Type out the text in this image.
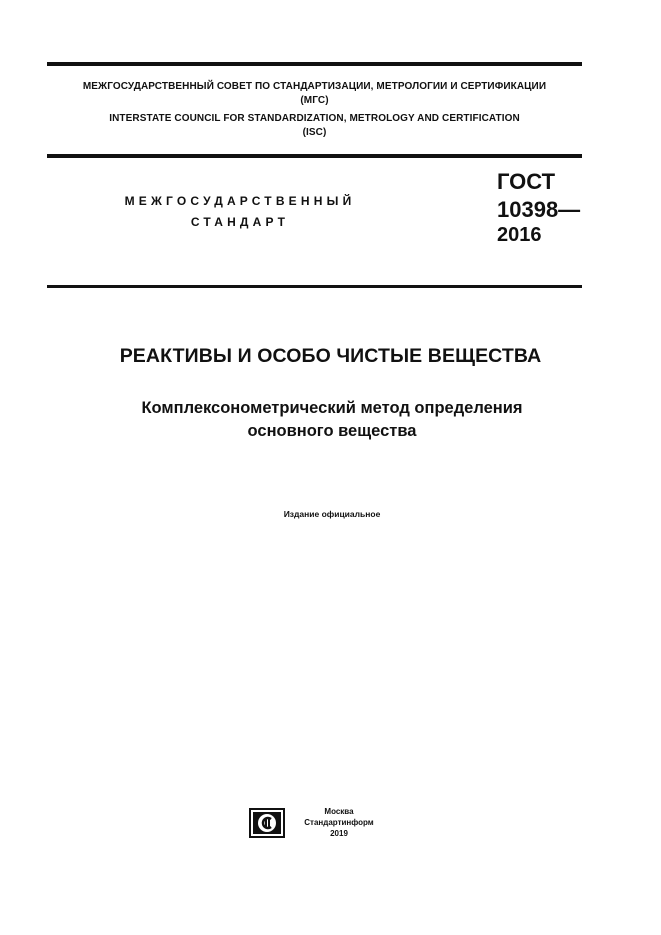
МЕЖГОСУДАРСТВЕННЫЙ СОВЕТ ПО СТАНДАРТИЗАЦИИ, МЕТРОЛОГИИ И СЕРТИФИКАЦИИ
(МГС)
INTERSTATE COUNCIL FOR STANDARDIZATION, METROLOGY AND CERTIFICATION
(ISC)
МЕЖГОСУДАРСТВЕННЫЙ
СТАНДАРТ
ГОСТ
10398—
2016
РЕАКТИВЫ И ОСОБО ЧИСТЫЕ ВЕЩЕСТВА
Комплексонометрический метод определения
основного вещества
Издание официальное
Москва
Стандартинформ
2019
